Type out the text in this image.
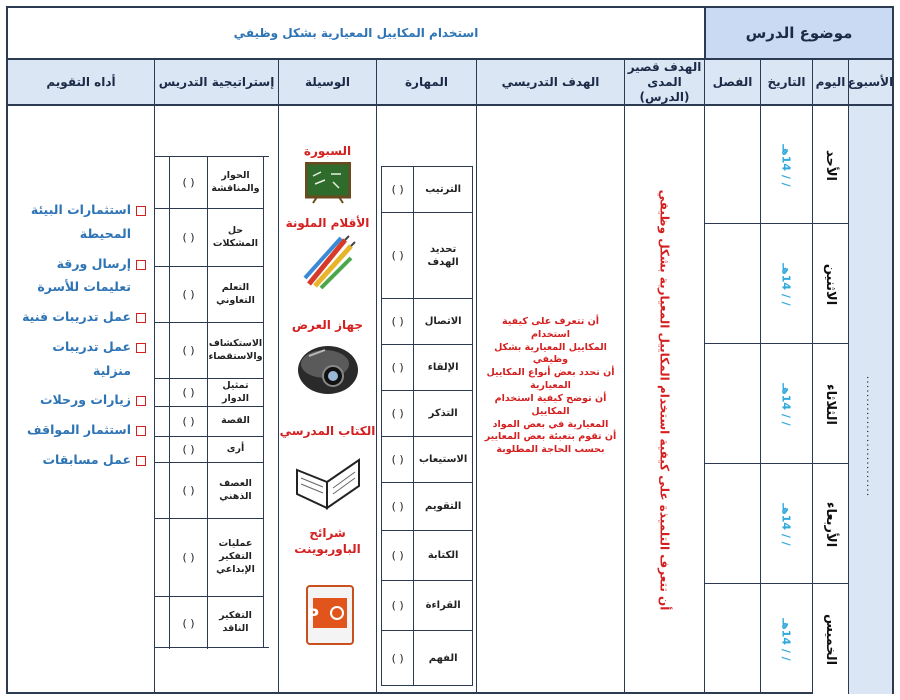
موضوع الدرس
استخدام المكاييل المعيارية بشكل وظيفي
الأسبوع
اليوم
التاريخ
الفصل
الهدف قصير
المدى (الدرس)
الهدف التدريسي
المهارة
الوسيلة
إستراتيجية التدريس
أداه التقويم
...........................
الأحد
الاثنين
الثلاثاء
الأربعاء
الخميس
/ / 14هـ
/ / 14هـ
/ / 14هـ
/ / 14هـ
/ / 14هـ
أن تتعرف التلميذة على كيفية استخدام المكاييل المعيارية بشكل وظيفي
أن تتعرف على كيفية استخدام
المكاييل المعيارية بشكل وظيفي
أن تحدد بعض أنواع المكاييل
المعيارية
أن توضح كيفية استخدام المكاييل
المعيارية في بعض المواد
أن تقوم بتعبئة بعض المعايير
بحسب الحاجة المطلوبة
الترتيب
( )
تحديد الهدف
( )
الاتصال
( )
الإلقاء
( )
التذكر
( )
الاستيعاب
( )
التقويم
( )
الكتابة
( )
القراءة
( )
الفهم
( )
السبورة
الأقلام الملونة
جهاز العرض
الكتاب المدرسي
شرائح الباوربوينت
P
الحوار والمناقشة
( )
حل المشكلات
( )
التعلم التعاوني
( )
الاستكشاف والاستقصاء
( )
تمثيل الدوار
( )
القصة
( )
أرى
( )
العصف الذهني
( )
عمليات التفكير الإبداعي
( )
التفكير الناقد
( )
استثمارات البيئة المحيطة
إرسال ورقة تعليمات للأسرة
عمل تدريبات فنية
عمل تدريبات منزلية
زيارات ورحلات
استثمار المواقف
عمل مسابقات
